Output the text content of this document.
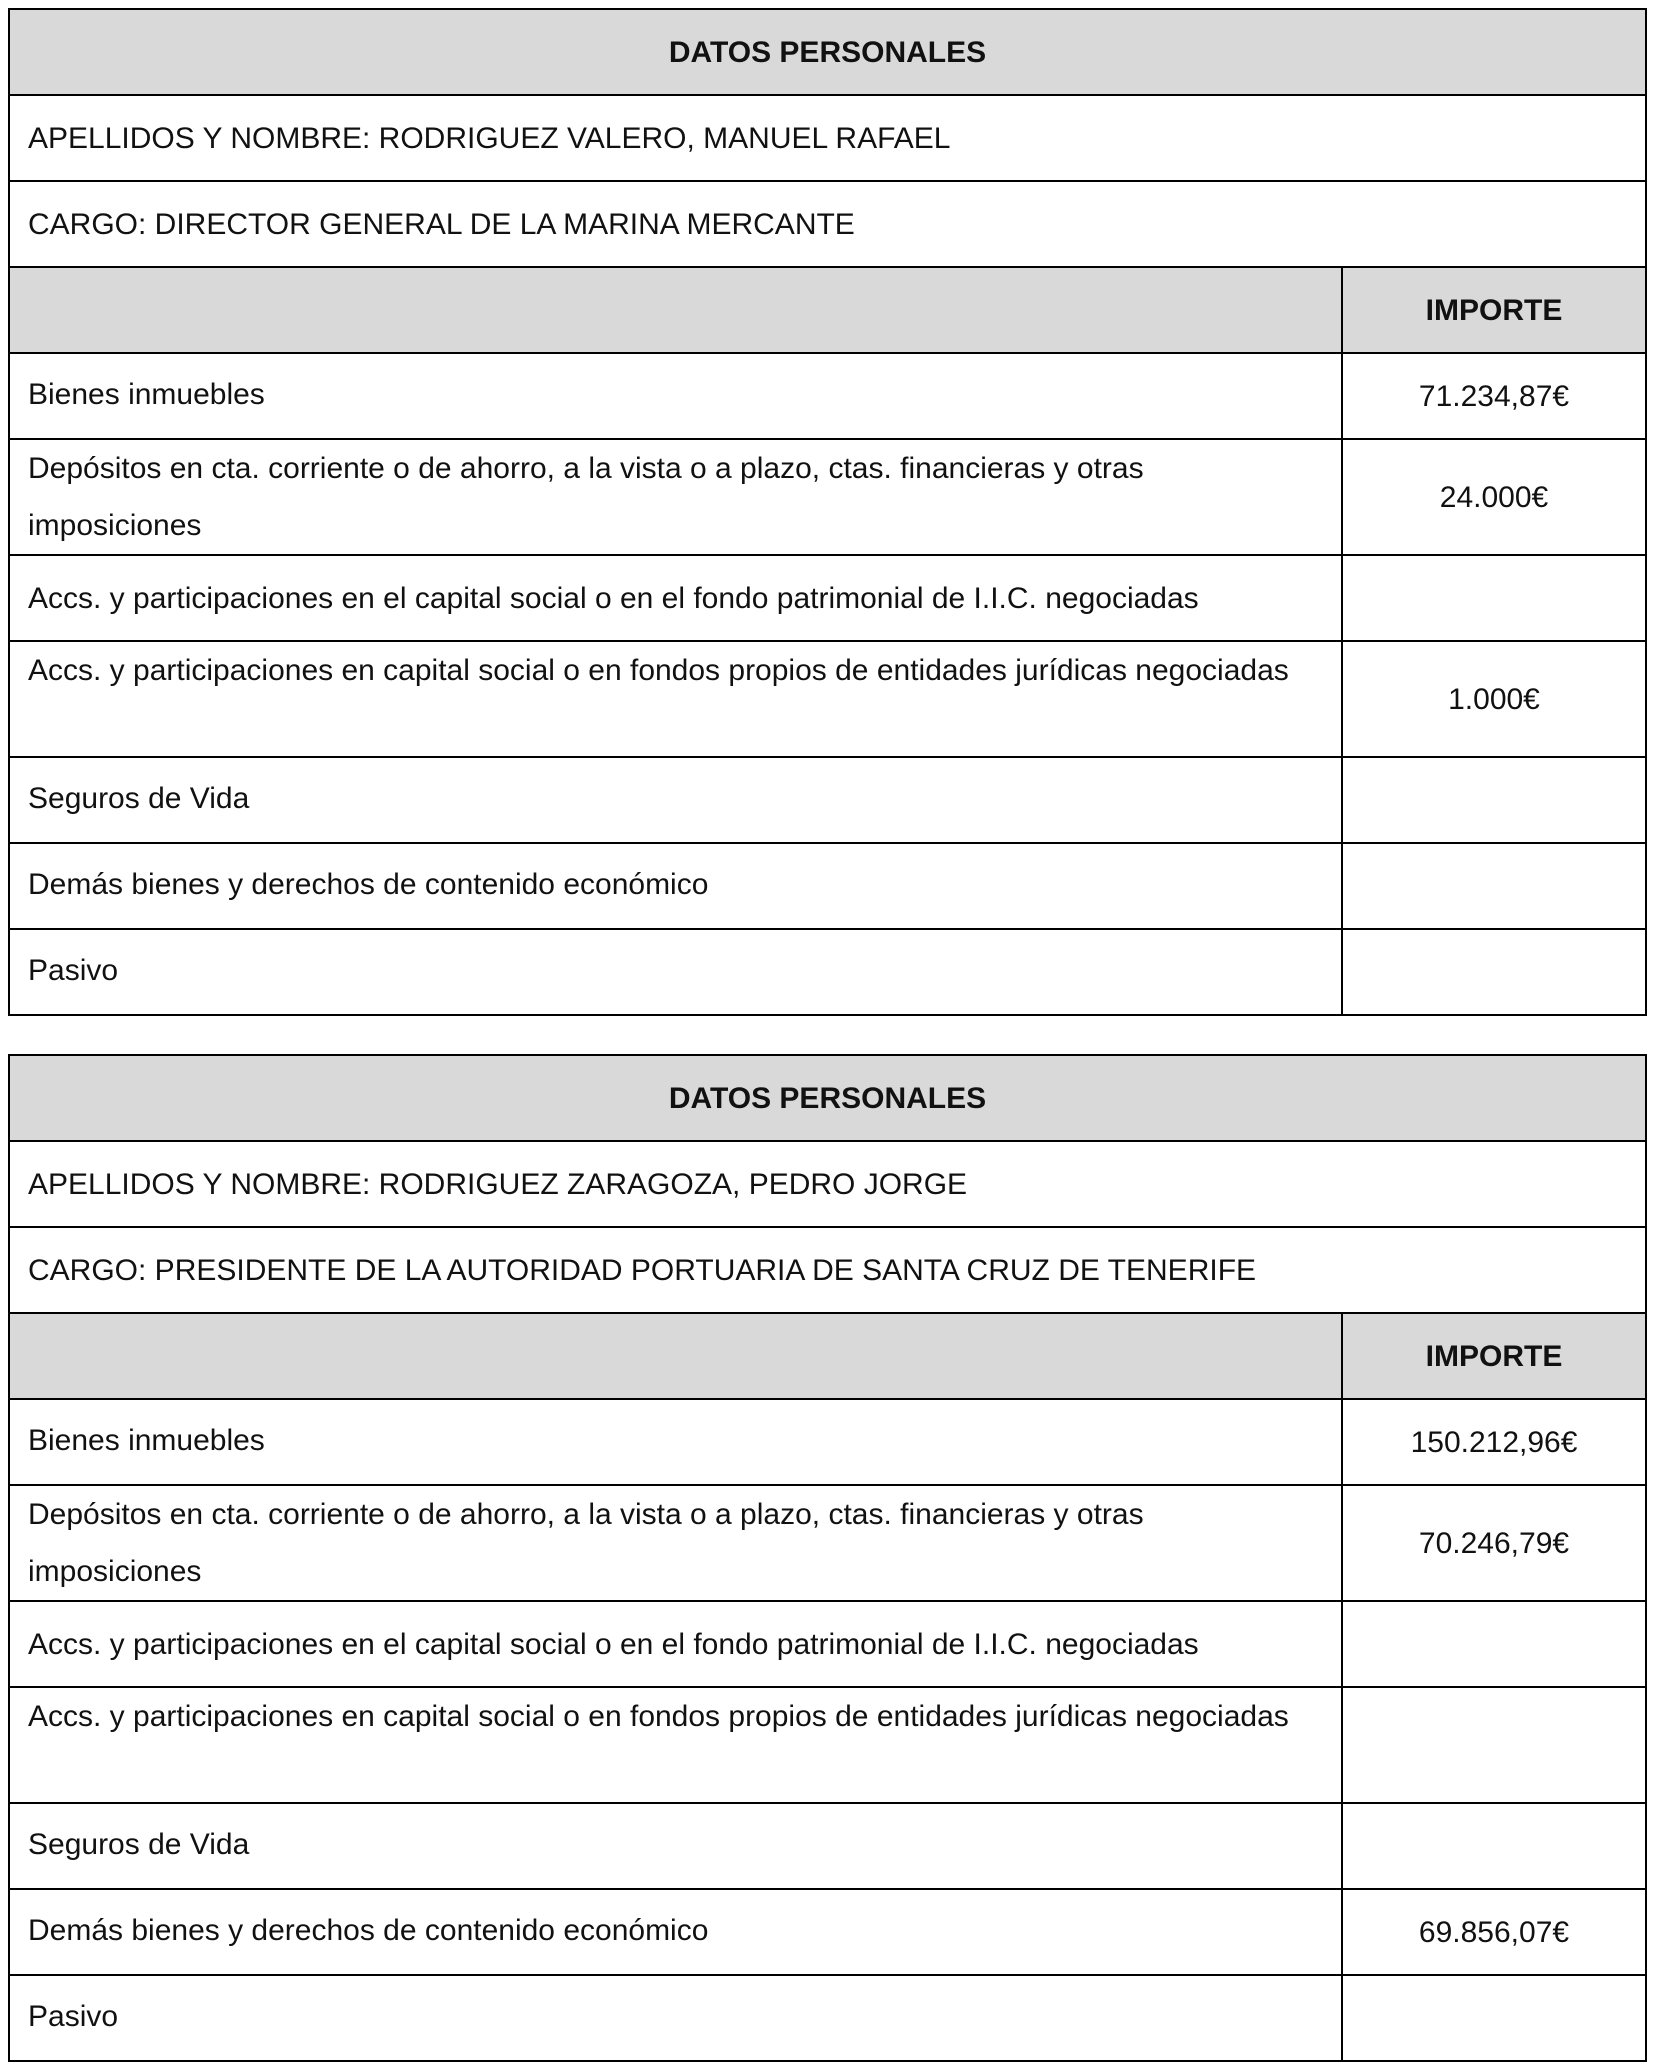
DATOS PERSONALES	
APELLIDOS Y NOMBRE: RODRIGUEZ VALERO, MANUEL RAFAEL	
CARGO: DIRECTOR GENERAL DE LA MARINA MERCANTE	
	IMPORTE
Bienes inmuebles	71.234,87€
Depósitos en cta. corriente o de ahorro, a la vista o a plazo, ctas. financieras y otras imposiciones	24.000€
Accs. y participaciones en el capital social o en el fondo patrimonial de I.I.C. negociadas	
Accs. y participaciones en capital social o en fondos propios de entidades jurídicas negociadas	1.000€
Seguros de Vida	
Demás bienes y derechos de contenido económico	
Pasivo	
DATOS PERSONALES	
APELLIDOS Y NOMBRE: RODRIGUEZ ZARAGOZA, PEDRO JORGE	
CARGO: PRESIDENTE DE LA AUTORIDAD PORTUARIA DE SANTA CRUZ DE TENERIFE	
	IMPORTE
Bienes inmuebles	150.212,96€
Depósitos en cta. corriente o de ahorro, a la vista o a plazo, ctas. financieras y otras imposiciones	70.246,79€
Accs. y participaciones en el capital social o en el fondo patrimonial de I.I.C. negociadas	
Accs. y participaciones en capital social o en fondos propios de entidades jurídicas negociadas	
Seguros de Vida	
Demás bienes y derechos de contenido económico	69.856,07€
Pasivo	
